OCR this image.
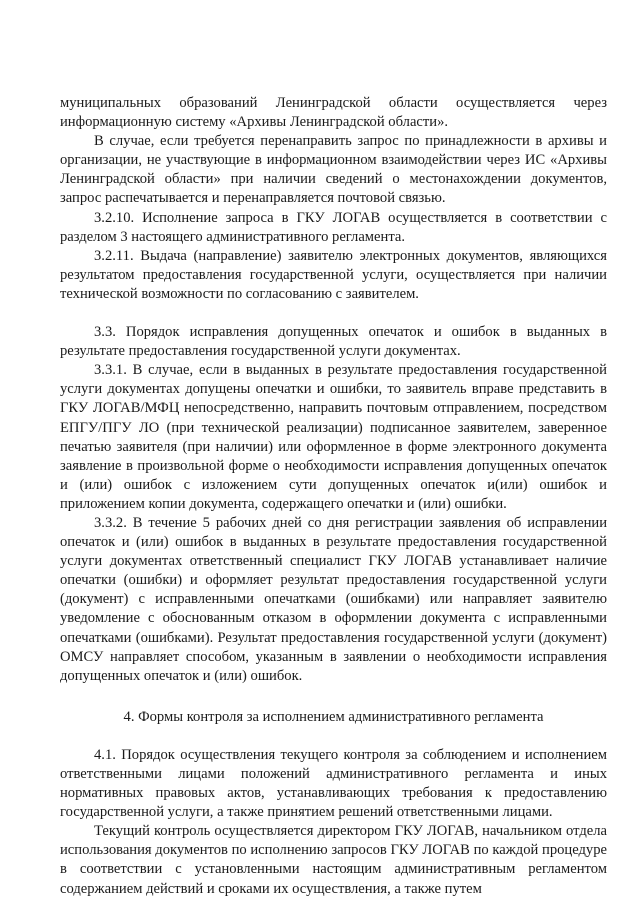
муниципальных образований Ленинградской области осуществляется через информационную систему «Архивы Ленинградской области».

В случае, если требуется перенаправить запрос по принадлежности в архивы и организации, не участвующие в информационном взаимодействии через ИС «Архивы Ленинградской области» при наличии сведений о местонахождении документов, запрос распечатывается и перенаправляется почтовой связью.

3.2.10. Исполнение запроса в ГКУ ЛОГАВ осуществляется в соответствии с разделом 3 настоящего административного регламента.

3.2.11. Выдача (направление) заявителю электронных документов, являющихся результатом предоставления государственной услуги, осуществляется при наличии технической возможности по согласованию с заявителем.

3.3. Порядок исправления допущенных опечаток и ошибок в выданных в результате предоставления государственной услуги документах.

3.3.1. В случае, если в выданных в результате предоставления государственной услуги документах допущены опечатки и ошибки, то заявитель вправе представить в ГКУ ЛОГАВ/МФЦ непосредственно, направить почтовым отправлением, посредством ЕПГУ/ПГУ ЛО (при технической реализации) подписанное заявителем, заверенное печатью заявителя (при наличии) или оформленное в форме электронного документа заявление в произвольной форме о необходимости исправления допущенных опечаток и (или) ошибок с изложением сути допущенных опечаток и(или) ошибок и приложением копии документа, содержащего опечатки и (или) ошибки.

3.3.2. В течение 5 рабочих дней со дня регистрации заявления об исправлении опечаток и (или) ошибок в выданных в результате предоставления государственной услуги документах ответственный специалист ГКУ ЛОГАВ устанавливает наличие опечатки (ошибки) и оформляет результат предоставления государственной услуги (документ) с исправленными опечатками (ошибками) или направляет заявителю уведомление с обоснованным отказом в оформлении документа с исправленными опечатками (ошибками). Результат предоставления государственной услуги (документ) ОМСУ направляет способом, указанным в заявлении о необходимости исправления допущенных опечаток и (или) ошибок.

4. Формы контроля за исполнением административного регламента

4.1. Порядок осуществления текущего контроля за соблюдением и исполнением ответственными лицами положений административного регламента и иных нормативных правовых актов, устанавливающих требования к предоставлению государственной услуги, а также принятием решений ответственными лицами.

Текущий контроль осуществляется директором ГКУ ЛОГАВ, начальником отдела использования документов по исполнению запросов ГКУ ЛОГАВ по каждой процедуре в соответствии с установленными настоящим административным регламентом содержанием действий и сроками их осуществления, а также путем
